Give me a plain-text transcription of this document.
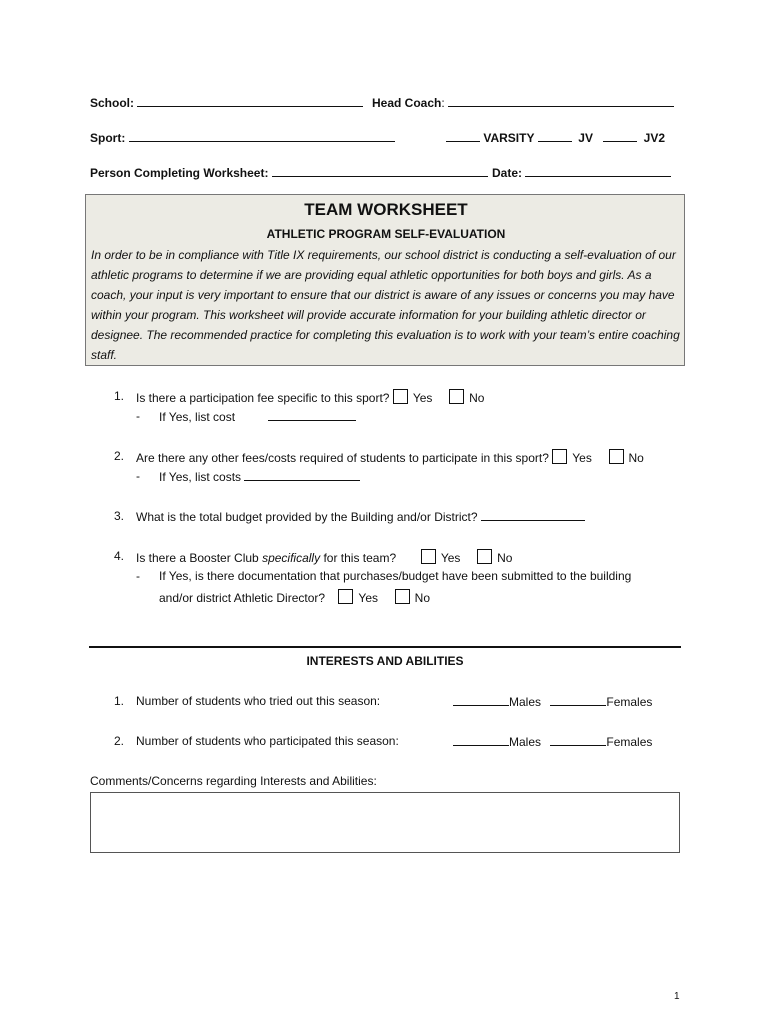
School:	Head Coach:
Sport:	VARSITY	JV	JV2
Person Completing Worksheet:	Date:
TEAM WORKSHEET
ATHLETIC PROGRAM SELF-EVALUATION
In order to be in compliance with Title IX requirements, our school district is conducting a self-evaluation of our athletic programs to determine if we are providing equal athletic opportunities for both boys and girls. As a coach, your input is very important to ensure that our district is aware of any issues or concerns you may have within your program. This worksheet will provide accurate information for your building athletic director or designee. The recommended practice for completing this evaluation is to work with your team’s entire coaching staff.
1. Is there a participation fee specific to this sport? Yes	No
- If Yes, list cost
2. Are there any other fees/costs required of students to participate in this sport? Yes	No
- If Yes, list costs
3. What is the total budget provided by the Building and/or District?
4. Is there a Booster Club specifically for this team?	Yes	No
- If Yes, is there documentation that purchases/budget have been submitted to the building
and/or district Athletic Director?	Yes	No
INTERESTS AND ABILITIES
1. Number of students who tried out this season:	Males	Females
2. Number of students who participated this season:	Males	Females
Comments/Concerns regarding Interests and Abilities:
1
